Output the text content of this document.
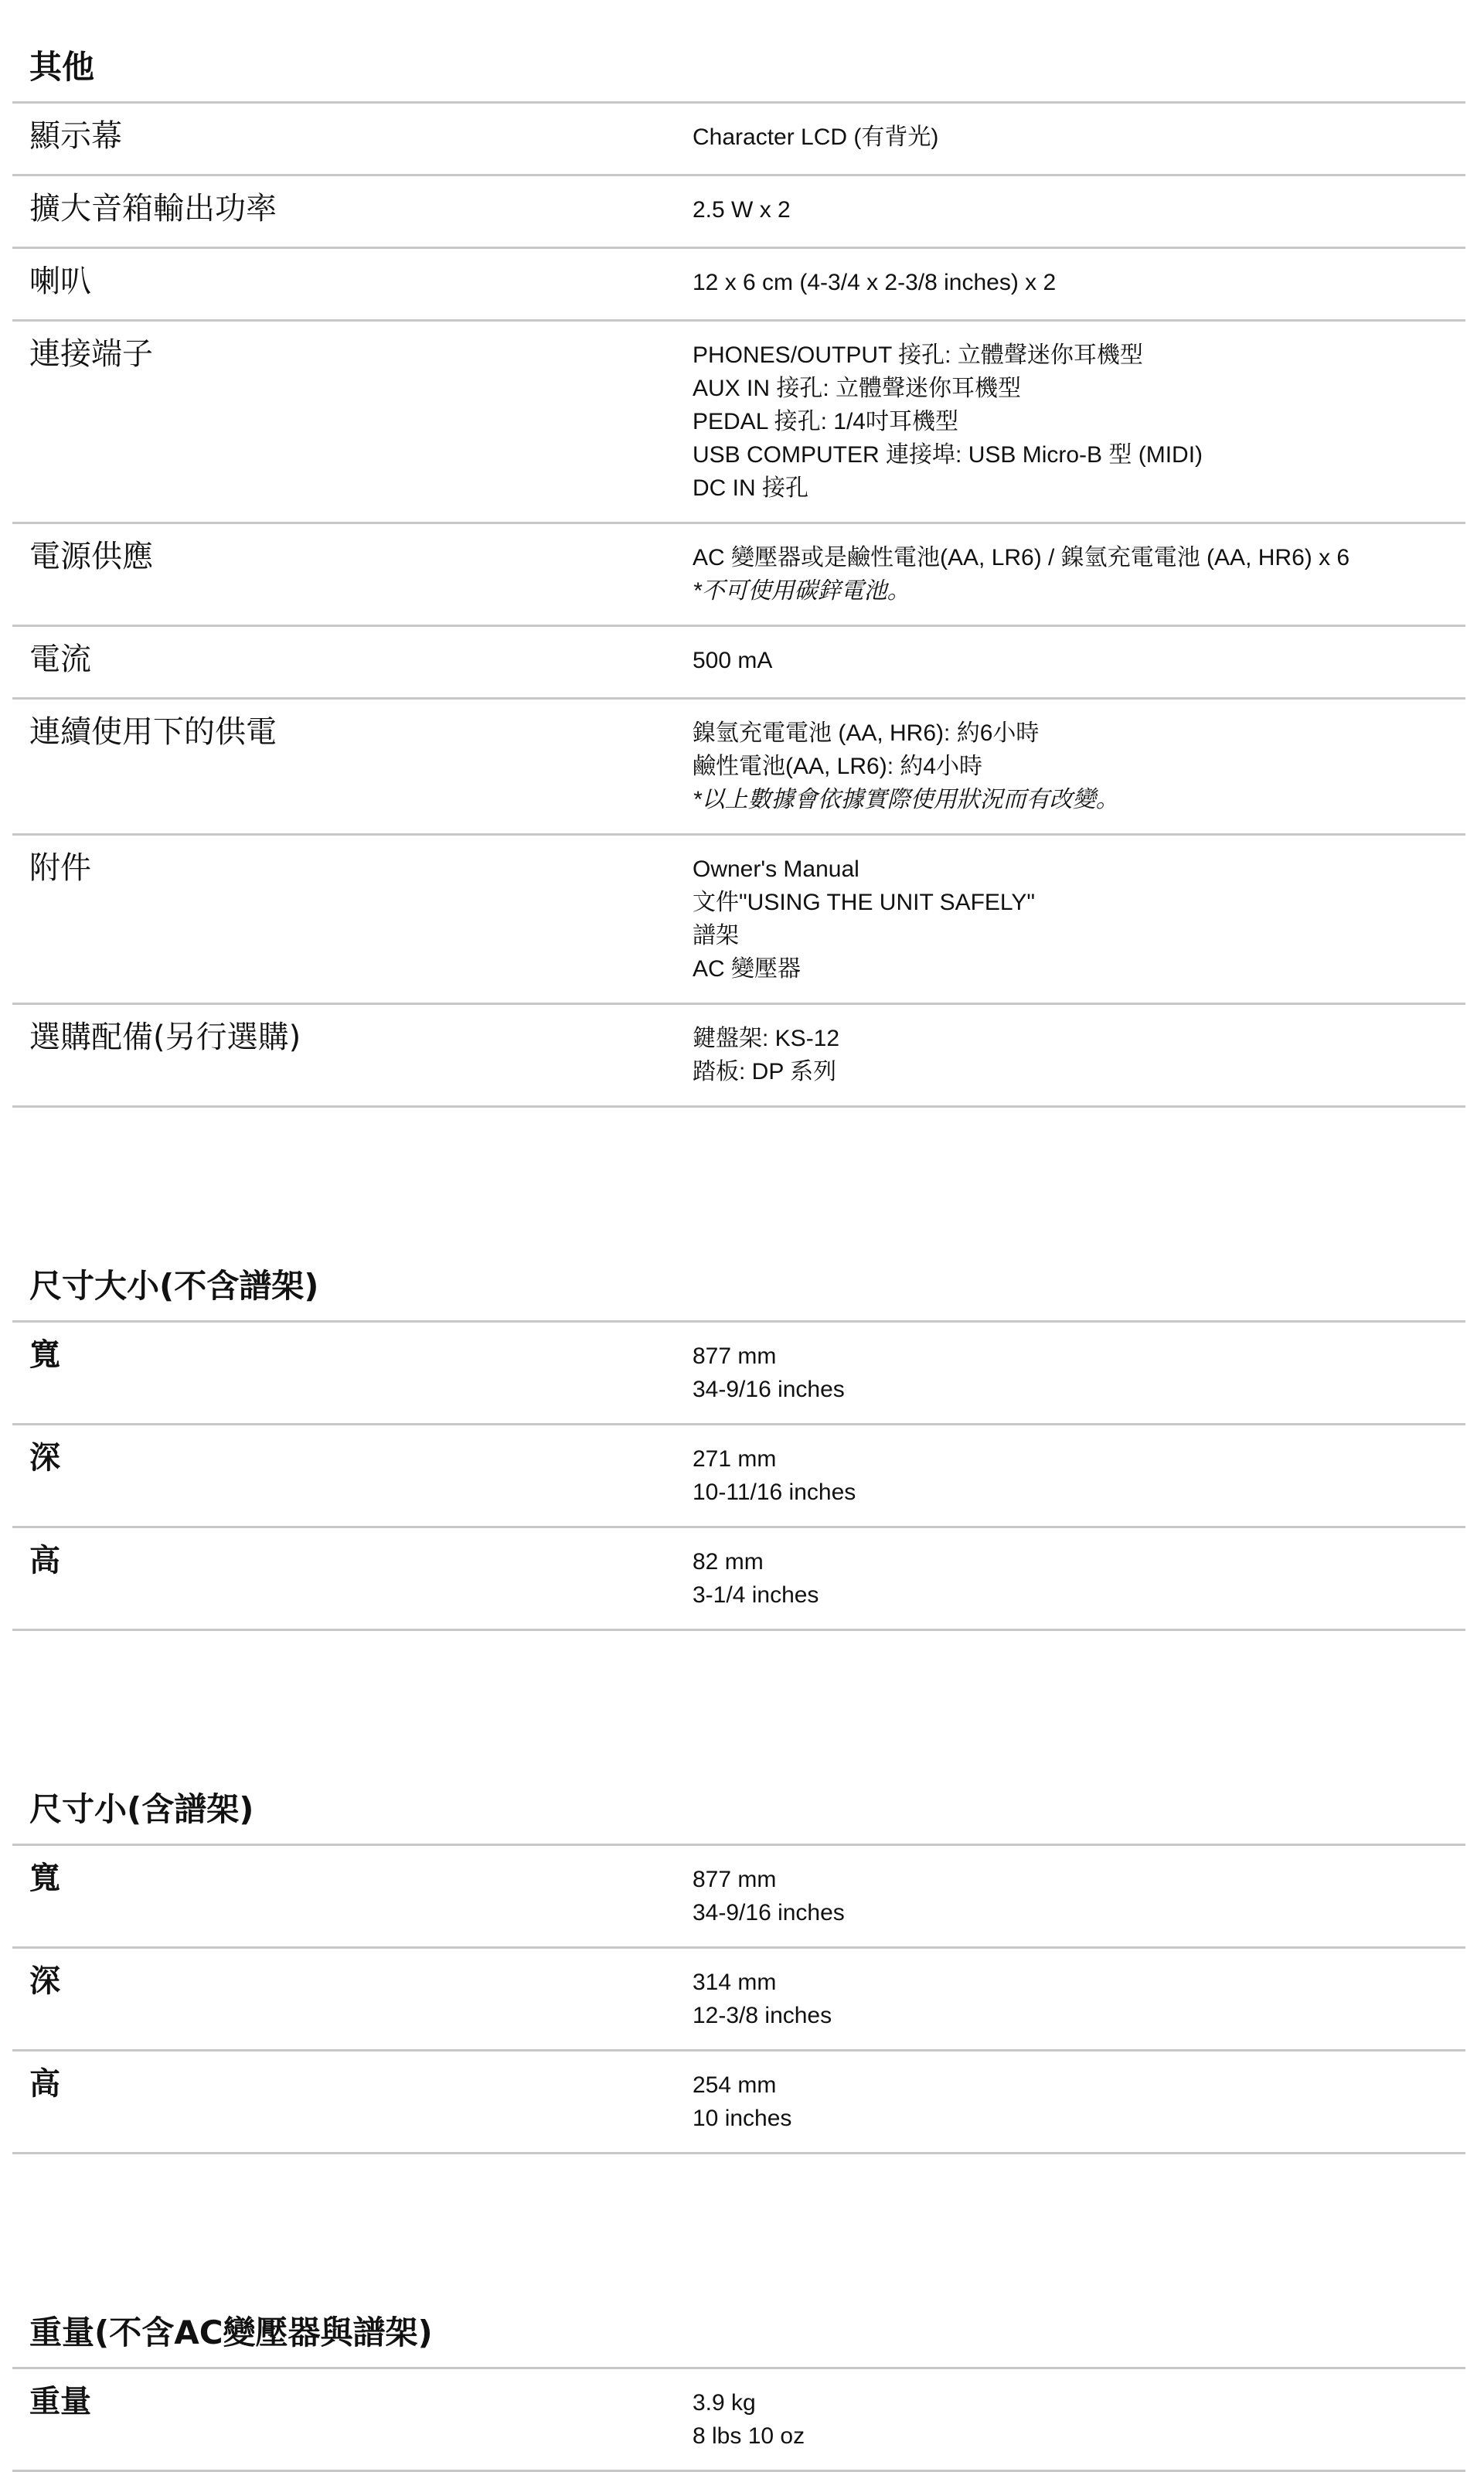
其他
顯示幕	Character LCD (有背光)
擴大音箱輸出功率	2.5 W x 2
喇叭	12 x 6 cm (4-3/4 x 2-3/8 inches) x 2
連接端子	PHONES/OUTPUT 接孔: 立體聲迷你耳機型
AUX IN 接孔: 立體聲迷你耳機型
PEDAL 接孔: 1/4吋耳機型
USB COMPUTER 連接埠: USB Micro-B 型 (MIDI)
DC IN 接孔
電源供應	AC 變壓器或是鹼性電池(AA, LR6) / 鎳氫充電電池 (AA, HR6) x 6
*不可使用碳鋅電池。
電流	500 mA
連續使用下的供電	鎳氫充電電池 (AA, HR6): 約6小時
鹼性電池(AA, LR6): 約4小時
*以上數據會依據實際使用狀況而有改變。
附件	Owner's Manual
文件"USING THE UNIT SAFELY"
譜架
AC 變壓器
選購配備(另行選購)	鍵盤架: KS-12
踏板: DP 系列
尺寸大小(不含譜架)
寬	877 mm
34-9/16 inches
深	271 mm
10-11/16 inches
高	82 mm
3-1/4 inches
尺寸小(含譜架)
寬	877 mm
34-9/16 inches
深	314 mm
12-3/8 inches
高	254 mm
10 inches
重量(不含AC變壓器與譜架)
重量	3.9 kg
8 lbs 10 oz
